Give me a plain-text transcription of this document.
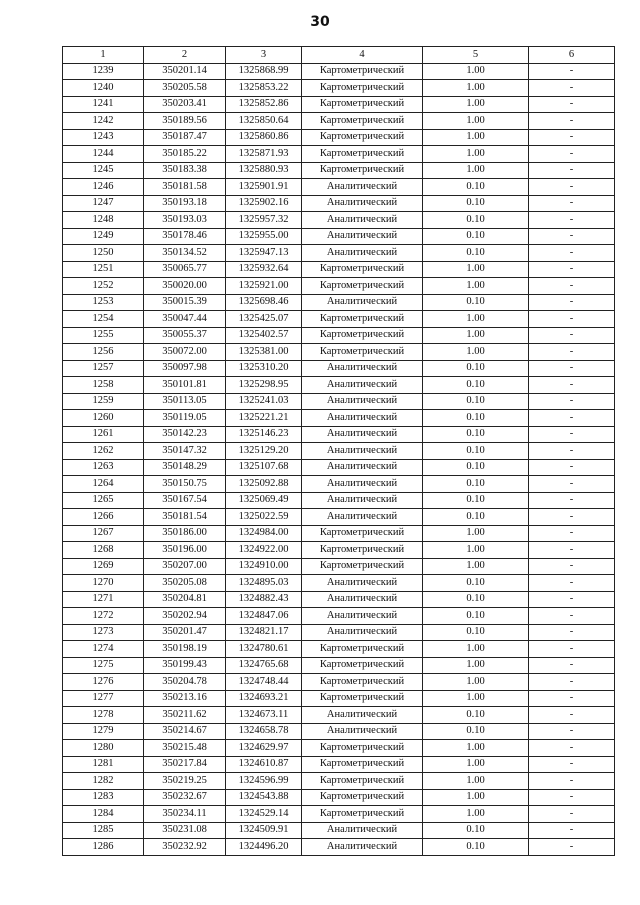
30
1	2	3	4	5	6
1239	350201.14	1325868.99	Картометрический	1.00	-
1240	350205.58	1325853.22	Картометрический	1.00	-
1241	350203.41	1325852.86	Картометрический	1.00	-
1242	350189.56	1325850.64	Картометрический	1.00	-
1243	350187.47	1325860.86	Картометрический	1.00	-
1244	350185.22	1325871.93	Картометрический	1.00	-
1245	350183.38	1325880.93	Картометрический	1.00	-
1246	350181.58	1325901.91	Аналитический	0.10	-
1247	350193.18	1325902.16	Аналитический	0.10	-
1248	350193.03	1325957.32	Аналитический	0.10	-
1249	350178.46	1325955.00	Аналитический	0.10	-
1250	350134.52	1325947.13	Аналитический	0.10	-
1251	350065.77	1325932.64	Картометрический	1.00	-
1252	350020.00	1325921.00	Картометрический	1.00	-
1253	350015.39	1325698.46	Аналитический	0.10	-
1254	350047.44	1325425.07	Картометрический	1.00	-
1255	350055.37	1325402.57	Картометрический	1.00	-
1256	350072.00	1325381.00	Картометрический	1.00	-
1257	350097.98	1325310.20	Аналитический	0.10	-
1258	350101.81	1325298.95	Аналитический	0.10	-
1259	350113.05	1325241.03	Аналитический	0.10	-
1260	350119.05	1325221.21	Аналитический	0.10	-
1261	350142.23	1325146.23	Аналитический	0.10	-
1262	350147.32	1325129.20	Аналитический	0.10	-
1263	350148.29	1325107.68	Аналитический	0.10	-
1264	350150.75	1325092.88	Аналитический	0.10	-
1265	350167.54	1325069.49	Аналитический	0.10	-
1266	350181.54	1325022.59	Аналитический	0.10	-
1267	350186.00	1324984.00	Картометрический	1.00	-
1268	350196.00	1324922.00	Картометрический	1.00	-
1269	350207.00	1324910.00	Картометрический	1.00	-
1270	350205.08	1324895.03	Аналитический	0.10	-
1271	350204.81	1324882.43	Аналитический	0.10	-
1272	350202.94	1324847.06	Аналитический	0.10	-
1273	350201.47	1324821.17	Аналитический	0.10	-
1274	350198.19	1324780.61	Картометрический	1.00	-
1275	350199.43	1324765.68	Картометрический	1.00	-
1276	350204.78	1324748.44	Картометрический	1.00	-
1277	350213.16	1324693.21	Картометрический	1.00	-
1278	350211.62	1324673.11	Аналитический	0.10	-
1279	350214.67	1324658.78	Аналитический	0.10	-
1280	350215.48	1324629.97	Картометрический	1.00	-
1281	350217.84	1324610.87	Картометрический	1.00	-
1282	350219.25	1324596.99	Картометрический	1.00	-
1283	350232.67	1324543.88	Картометрический	1.00	-
1284	350234.11	1324529.14	Картометрический	1.00	-
1285	350231.08	1324509.91	Аналитический	0.10	-
1286	350232.92	1324496.20	Аналитический	0.10	-
